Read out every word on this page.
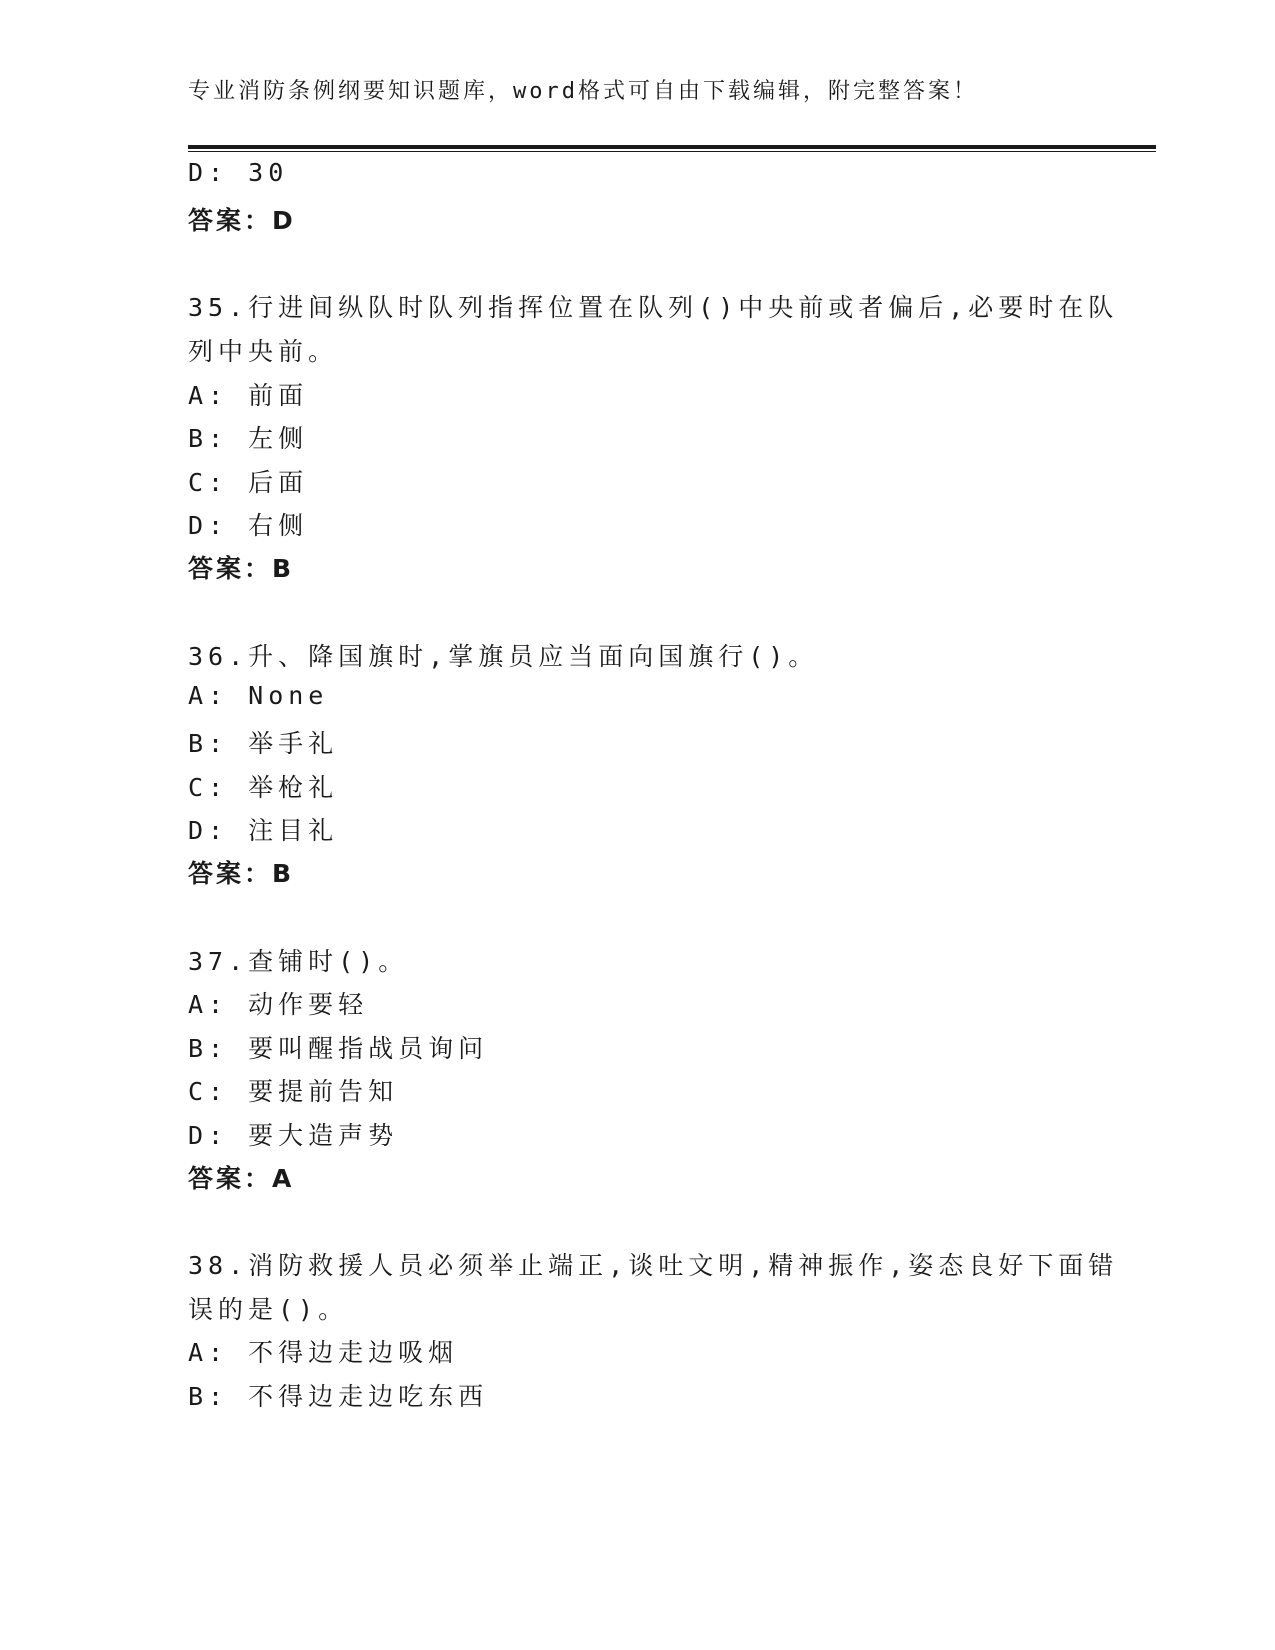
专业消防条例纲要知识题库，word格式可自由下载编辑，附完整答案！
D: 30
答案：D
35.行进间纵队时队列指挥位置在队列()中央前或者偏后,必要时在队
列中央前。
A: 前面
B: 左侧
C: 后面
D: 右侧
答案：B
36.升、降国旗时,掌旗员应当面向国旗行()。
A: None
B: 举手礼
C: 举枪礼
D: 注目礼
答案：B
37.查铺时()。
A: 动作要轻
B: 要叫醒指战员询问
C: 要提前告知
D: 要大造声势
答案：A
38.消防救援人员必须举止端正,谈吐文明,精神振作,姿态良好下面错
误的是()。
A: 不得边走边吸烟
B: 不得边走边吃东西
